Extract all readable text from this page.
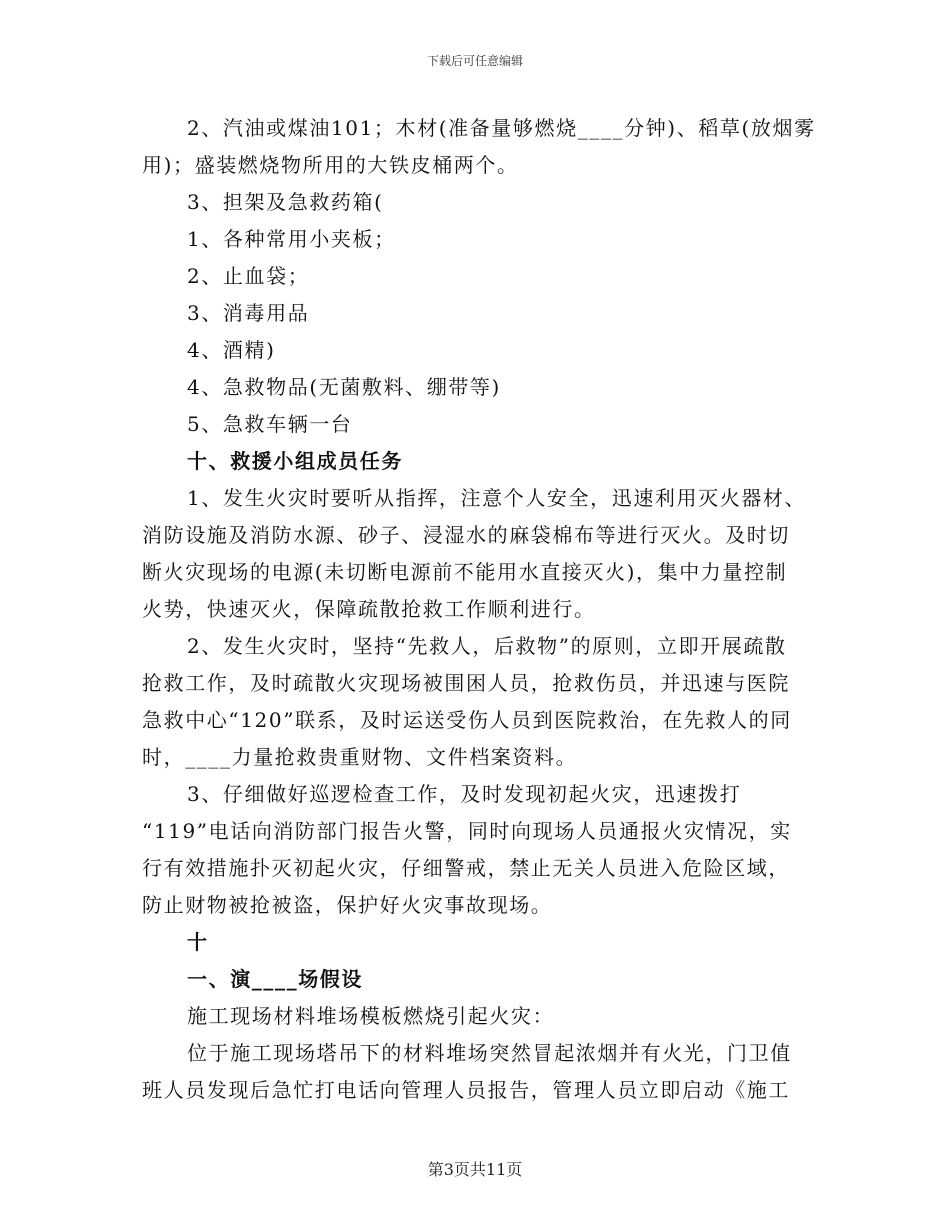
下载后可任意编辑
2、汽油或煤油101；木材(准备量够燃烧____分钟)、稻草(放烟雾
用)；盛装燃烧物所用的大铁皮桶两个。
3、担架及急救药箱(
1、各种常用小夹板；
2、止血袋；
3、消毒用品
4、酒精)
4、急救物品(无菌敷料、绷带等)
5、急救车辆一台
十、救援小组成员任务
1、发生火灾时要听从指挥，注意个人安全，迅速利用灭火器材、
消防设施及消防水源、砂子、浸湿水的麻袋棉布等进行灭火。及时切
断火灾现场的电源(未切断电源前不能用水直接灭火)，集中力量控制
火势，快速灭火，保障疏散抢救工作顺利进行。
2、发生火灾时，坚持“先救人，后救物”的原则，立即开展疏散
抢救工作，及时疏散火灾现场被围困人员，抢救伤员，并迅速与医院
急救中心“120”联系，及时运送受伤人员到医院救治，在先救人的同
时，____力量抢救贵重财物、文件档案资料。
3、仔细做好巡逻检查工作，及时发现初起火灾，迅速拨打
“119”电话向消防部门报告火警，同时向现场人员通报火灾情况，实
行有效措施扑灭初起火灾，仔细警戒，禁止无关人员进入危险区域，
防止财物被抢被盗，保护好火灾事故现场。
十
一、演____场假设
施工现场材料堆场模板燃烧引起火灾：
位于施工现场塔吊下的材料堆场突然冒起浓烟并有火光，门卫值
班人员发现后急忙打电话向管理人员报告，管理人员立即启动《施工
第3页共11页
